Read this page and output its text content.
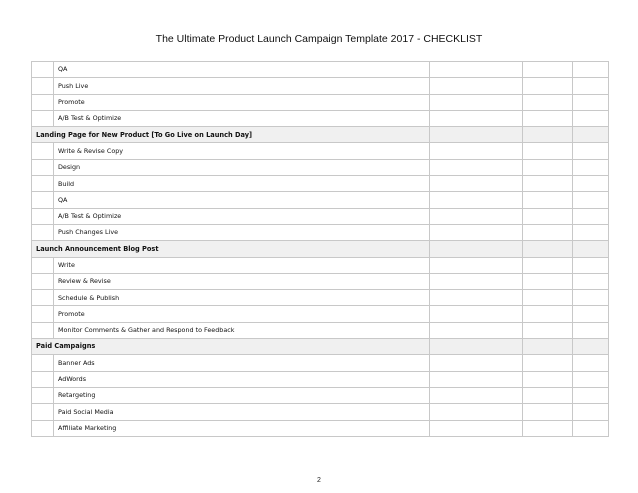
The Ultimate Product Launch Campaign Template 2017 - CHECKLIST
	QA			
	Push Live			
	Promote			
	A/B Test & Optimize			
Landing Page for New Product [To Go Live on Launch Day]				
	Write & Revise Copy			
	Design			
	Build			
	QA			
	A/B Test & Optimize			
	Push Changes Live			
Launch Announcement Blog Post				
	Write			
	Review & Revise			
	Schedule & Publish			
	Promote			
	Monitor Comments & Gather and Respond to Feedback			
Paid Campaigns				
	Banner Ads			
	AdWords			
	Retargeting			
	Paid Social Media			
	Affiliate Marketing			
2
